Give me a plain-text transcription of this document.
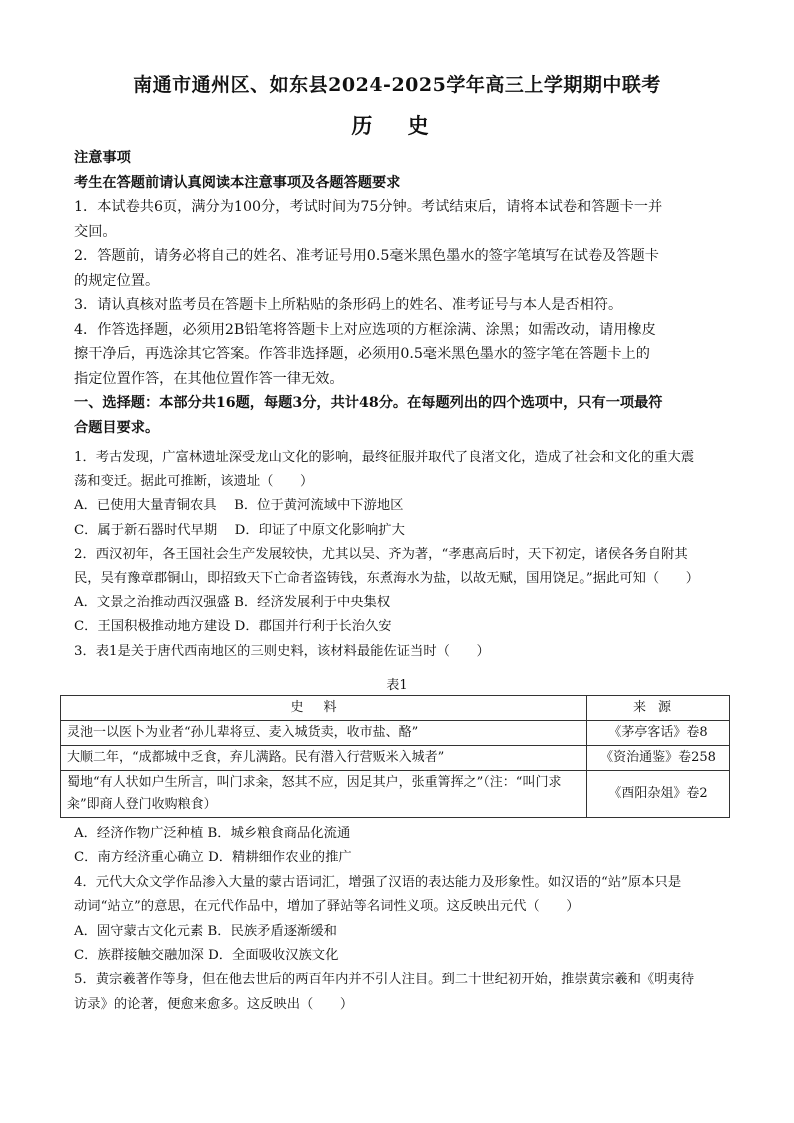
南通市通州区、如东县2024-2025学年高三上学期期中联考
历 史
注意事项
考生在答题前请认真阅读本注意事项及各题答题要求
1．本试卷共6页，满分为100分，考试时间为75分钟。考试结束后，请将本试卷和答题卡一并
交回。
2．答题前，请务必将自己的姓名、准考证号用0.5毫米黑色墨水的签字笔填写在试卷及答题卡
的规定位置。
3．请认真核对监考员在答题卡上所粘贴的条形码上的姓名、准考证号与本人是否相符。
4．作答选择题，必须用2B铅笔将答题卡上对应选项的方框涂满、涂黑；如需改动，请用橡皮
擦干净后，再选涂其它答案。作答非选择题，必须用0.5毫米黑色墨水的签字笔在答题卡上的
指定位置作答，在其他位置作答一律无效。
一、选择题：本部分共16题，每题3分，共计48分。在每题列出的四个选项中，只有一项最符
合题目要求。
1．考古发现，广富林遗址深受龙山文化的影响，最终征服并取代了良渚文化，造成了社会和文化的重大震
荡和变迁。据此可推断，该遗址（　　）
A．已使用大量青铜农具　 B．位于黄河流域中下游地区
C．属于新石器时代早期　 D．印证了中原文化影响扩大
2．西汉初年，各王国社会生产发展较快，尤其以吴、齐为著，“孝惠高后时，天下初定，诸侯各务自附其
民，吴有豫章郡铜山，即招致天下亡命者盗铸钱，东煮海水为盐，以故无赋，国用饶足。”据此可知（　　）
A．文景之治推动西汉强盛 B．经济发展利于中央集权
C．王国积极推动地方建设 D．郡国并行利于长治久安
3．表1是关于唐代西南地区的三则史料，该材料最能佐证当时（　　）
表1
史料	来源
灵池一以医卜为业者“孙儿辈将豆、麦入城货卖，收市盐、酪”	《茅亭客话》卷8
大顺二年，“成都城中乏食，弃儿满路。民有潜入行营贩米入城者”	《资治通鉴》卷258
蜀地“有人状如户生所言，叫门求籴，怒其不应，因足其户，张重箐挥之”（注：“叫门求籴”即商人登门收购粮食）	《酉阳杂俎》卷2
A．经济作物广泛种植 B．城乡粮食商品化流通
C．南方经济重心确立 D．精耕细作农业的推广
4．元代大众文学作品渗入大量的蒙古语词汇，增强了汉语的表达能力及形象性。如汉语的“站”原本只是
动词“站立”的意思，在元代作品中，增加了驿站等名词性义项。这反映出元代（　　）
A．固守蒙古文化元素 B．民族矛盾逐渐缓和
C．族群接触交融加深 D．全面吸收汉族文化
5．黄宗羲著作等身，但在他去世后的两百年内并不引人注目。到二十世纪初开始，推崇黄宗羲和《明夷待
访录》的论著，便愈来愈多。这反映出（　　）
